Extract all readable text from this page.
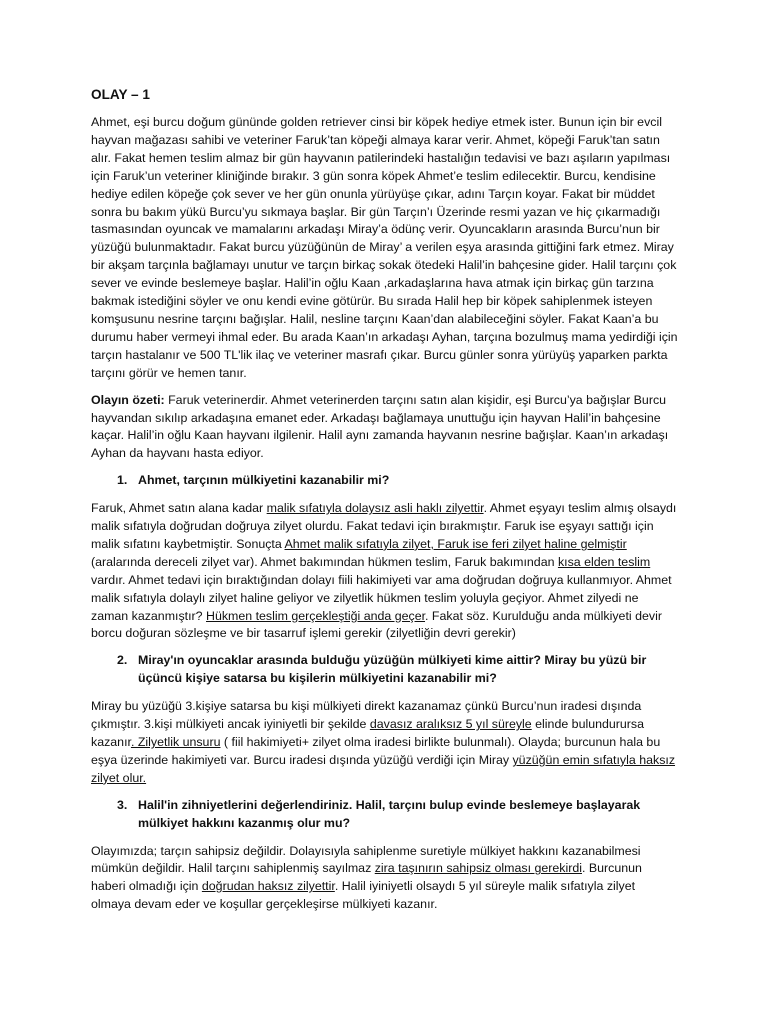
OLAY – 1

Ahmet, eşi burcu doğum gününde golden retriever cinsi bir köpek hediye etmek ister. Bunun için bir evcil hayvan mağazası sahibi ve veteriner Faruk’tan köpeği almaya karar verir. Ahmet, köpeği Faruk’tan satın alır. Fakat hemen teslim almaz bir gün hayvanın patilerindeki hastalığın tedavisi ve bazı aşıların yapılması için Faruk’un veteriner kliniğinde bırakır. 3 gün sonra köpek Ahmet’e teslim edilecektir. Burcu, kendisine hediye edilen köpeğe çok sever ve her gün onunla yürüyüşe çıkar, adını Tarçın koyar. Fakat bir müddet sonra bu bakım yükü Burcu’yu sıkmaya başlar. Bir gün Tarçın’ı Üzerinde resmi yazan ve hiç çıkarmadığı tasmasından oyuncak ve mamalarını arkadaşı Miray’a ödünç verir. Oyuncakların arasında Burcu’nun bir yüzüğü bulunmaktadır. Fakat burcu yüzüğünün de Miray’ a verilen eşya arasında gittiğini fark etmez. Miray bir akşam tarçınla bağlamayı unutur ve tarçın birkaç sokak ötedeki Halil’in bahçesine gider. Halil tarçını çok sever ve evinde beslemeye başlar. Halil’in oğlu Kaan ,arkadaşlarına hava atmak için birkaç gün tarzına bakmak istediğini söyler ve onu kendi evine götürür. Bu sırada Halil hep bir köpek sahiplenmek isteyen komşusunu nesrine tarçını bağışlar. Halil, nesline tarçını Kaan’dan alabileceğini söyler. Fakat Kaan’a bu durumu haber vermeyi ihmal eder. Bu arada Kaan’ın arkadaşı Ayhan, tarçına bozulmuş mama yedirdiği için tarçın hastalanır ve 500 TL'lik ilaç ve veteriner masrafı çıkar. Burcu günler sonra yürüyüş yaparken parkta tarçını görür ve hemen tanır.

Olayın özeti: Faruk veterinerdir. Ahmet veterinerden tarçını satın alan kişidir, eşi Burcu’ya bağışlar Burcu hayvandan sıkılıp arkadaşına emanet eder. Arkadaşı bağlamaya unuttuğu için hayvan Halil’in bahçesine kaçar. Halil’in oğlu Kaan hayvanı ilgilenir. Halil aynı zamanda hayvanın nesrine bağışlar. Kaan’ın arkadaşı Ayhan da hayvanı hasta ediyor.

1. Ahmet, tarçının mülkiyetini kazanabilir mi?

Faruk, Ahmet satın alana kadar malik sıfatıyla dolaysız asli haklı zilyettir. Ahmet eşyayı teslim almış olsaydı malik sıfatıyla doğrudan doğruya zilyet olurdu. Fakat tedavi için bırakmıştır. Faruk ise eşyayı sattığı için malik sıfatını kaybetmiştir. Sonuçta Ahmet malik sıfatıyla zilyet, Faruk ise feri zilyet haline gelmiştir (aralarında dereceli zilyet var). Ahmet bakımından hükmen teslim, Faruk bakımından kısa elden teslim vardır. Ahmet tedavi için bıraktığından dolayı fiili hakimiyeti var ama doğrudan doğruya kullanmıyor. Ahmet malik sıfatıyla dolaylı zilyet haline geliyor ve zilyetlik hükmen teslim yoluyla geçiyor. Ahmet zilyedi ne zaman kazanmıştır? Hükmen teslim gerçekleştiği anda geçer. Fakat söz. Kurulduğu anda mülkiyeti devir borcu doğuran sözleşme ve bir tasarruf işlemi gerekir (zilyetliğin devri gerekir)

2. Miray'ın oyuncaklar arasında bulduğu yüzüğün mülkiyeti kime aittir? Miray bu yüzü bir üçüncü kişiye satarsa bu kişilerin mülkiyetini kazanabilir mi?

Miray bu yüzüğü 3.kişiye satarsa bu kişi mülkiyeti direkt kazanamaz çünkü Burcu’nun iradesi dışında çıkmıştır. 3.kişi mülkiyeti ancak iyiniyetli bir şekilde davasız aralıksız 5 yıl süreyle elinde bulundurursa kazanır. Zilyetlik unsuru ( fiil hakimiyeti+ zilyet olma iradesi birlikte bulunmalı). Olayda; burcunun hala bu eşya üzerinde hakimiyeti var. Burcu iradesi dışında yüzüğü verdiği için Miray yüzüğün emin sıfatıyla haksız zilyet olur.

3. Halil'in zihniyetlerini değerlendiriniz. Halil, tarçını bulup evinde beslemeye başlayarak mülkiyet hakkını kazanmış olur mu?

Olayımızda; tarçın sahipsiz değildir. Dolayısıyla sahiplenme suretiyle mülkiyet hakkını kazanabilmesi mümkün değildir. Halil tarçını sahiplenmiş sayılmaz zira taşınırın sahipsiz olması gerekirdi. Burcunun haberi olmadığı için doğrudan haksız zilyettir. Halil iyiniyetli olsaydı 5 yıl süreyle malik sıfatıyla zilyet olmaya devam eder ve koşullar gerçekleşirse mülkiyeti kazanır.
